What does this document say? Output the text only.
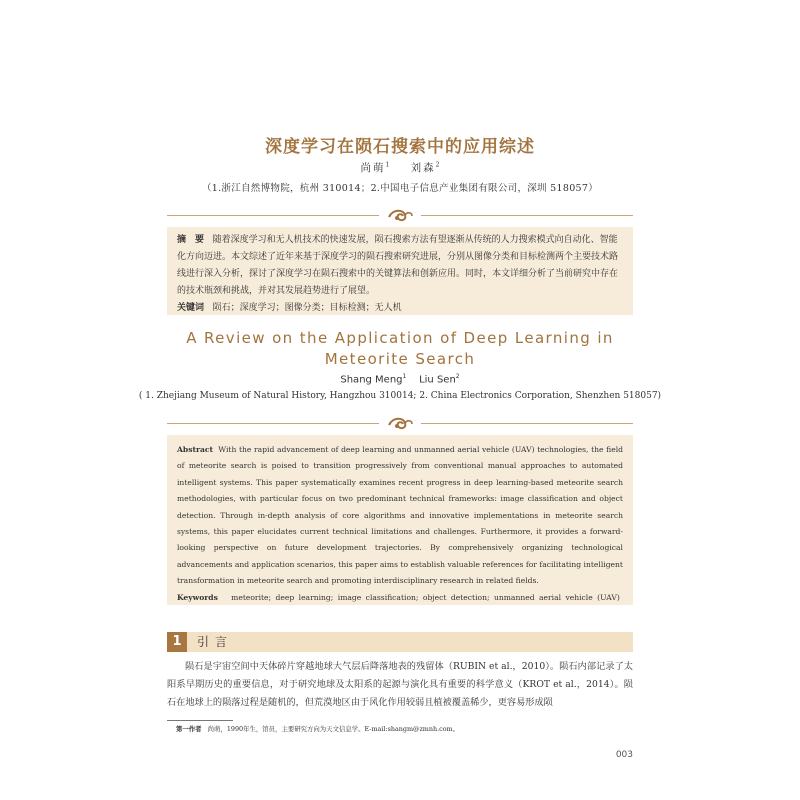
深度学习在陨石搜索中的应用综述
尚萌$^1$ 刘森$^2$
（1.浙江自然博物院，杭州 310014；2.中国电子信息产业集团有限公司，深圳 518057）

摘　要 随着深度学习和无人机技术的快速发展，陨石搜索方法有望逐渐从传统的人力搜索模式向自动化、智能化方向迈进。本文综述了近年来基于深度学习的陨石搜索研究进展，分别从图像分类和目标检测两个主要技术路线进行深入分析，探讨了深度学习在陨石搜索中的关键算法和创新应用。同时，本文详细分析了当前研究中存在的技术瓶颈和挑战，并对其发展趋势进行了展望。

关键词 陨石；深度学习；图像分类；目标检测；无人机

A Review on the Application of Deep Learning in
Meteorite Search
Shang Meng$^1$ Liu Sen$^2$
( 1. Zhejiang Museum of Natural History, Hangzhou 310014; 2. China Electronics Corporation, Shenzhen 518057)

Abstract With the rapid advancement of deep learning and unmanned aerial vehicle (UAV) technologies, the field of meteorite search is poised to transition progressively from conventional manual approaches to automated intelligent systems. This paper systematically examines recent progress in deep learning-based meteorite search methodologies, with particular focus on two predominant technical frameworks: image classification and object detection. Through in-depth analysis of core algorithms and innovative implementations in meteorite search systems, this paper elucidates current technical limitations and challenges. Furthermore, it provides a forward-looking perspective on future development trajectories. By comprehensively organizing technological advancements and application scenarios, this paper aims to establish valuable references for facilitating intelligent transformation in meteorite search and promoting interdisciplinary research in related fields.

Keywords meteorite; deep learning; image classification; object detection; unmanned aerial vehicle (UAV)

1	引言

陨石是宇宙空间中天体碎片穿越地球大气层后降落地表的残留体（RUBIN et al.，2010）。陨石内部记录了太阳系早期历史的重要信息，对于研究地球及太阳系的起源与演化具有重要的科学意义（KROT et al.，2014）。陨石在地球上的陨落过程是随机的，但荒漠地区由于风化作用较弱且植被覆盖稀少，更容易形成陨

第一作者 尚萌，1990年生，馆员，主要研究方向为天文信息学。E-mail:shangm@zmnh.com。
003
